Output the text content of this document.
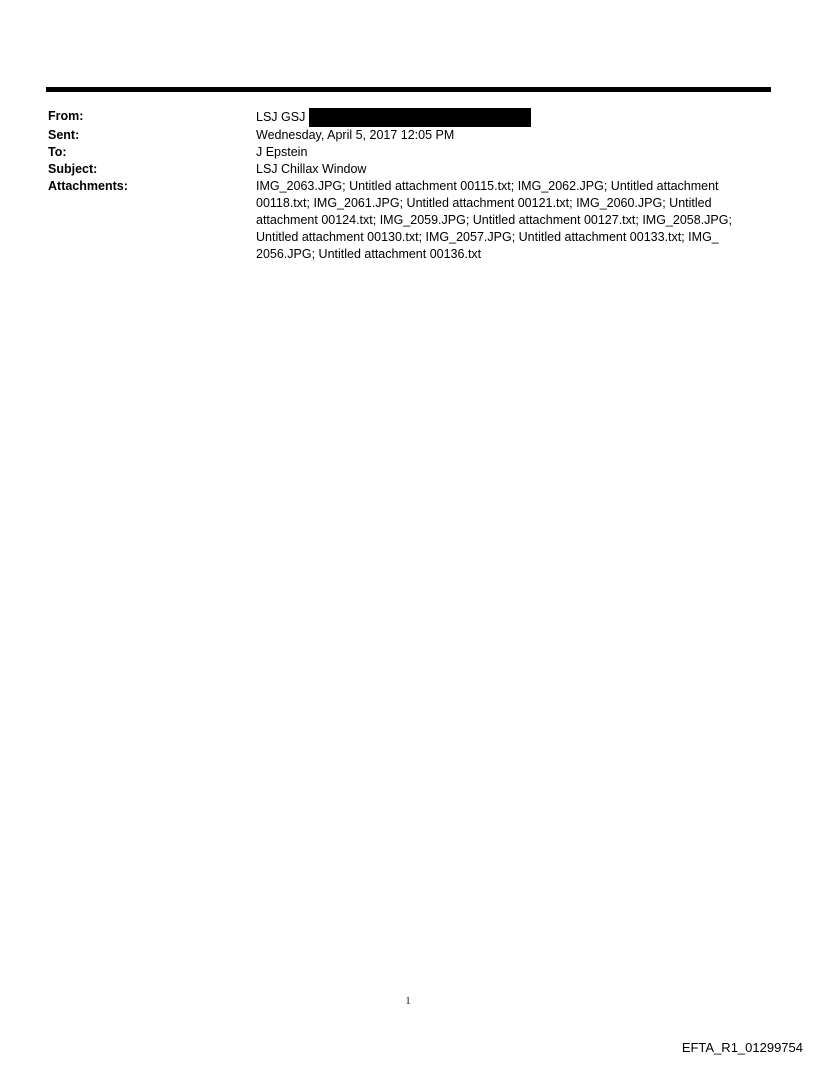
From:	LSJ GSJ
Sent:	Wednesday, April 5, 2017 12:05 PM
To:	J Epstein
Subject:	LSJ Chillax Window
Attachments:	IMG_2063.JPG; Untitled attachment 00115.txt; IMG_2062.JPG; Untitled attachment 00118.txt; IMG_2061.JPG; Untitled attachment 00121.txt; IMG_2060.JPG; Untitled attachment 00124.txt; IMG_2059.JPG; Untitled attachment 00127.txt; IMG_2058.JPG; Untitled attachment 00130.txt; IMG_2057.JPG; Untitled attachment 00133.txt; IMG_ 2056.JPG; Untitled attachment 00136.txt
1
EFTA_R1_01299754
